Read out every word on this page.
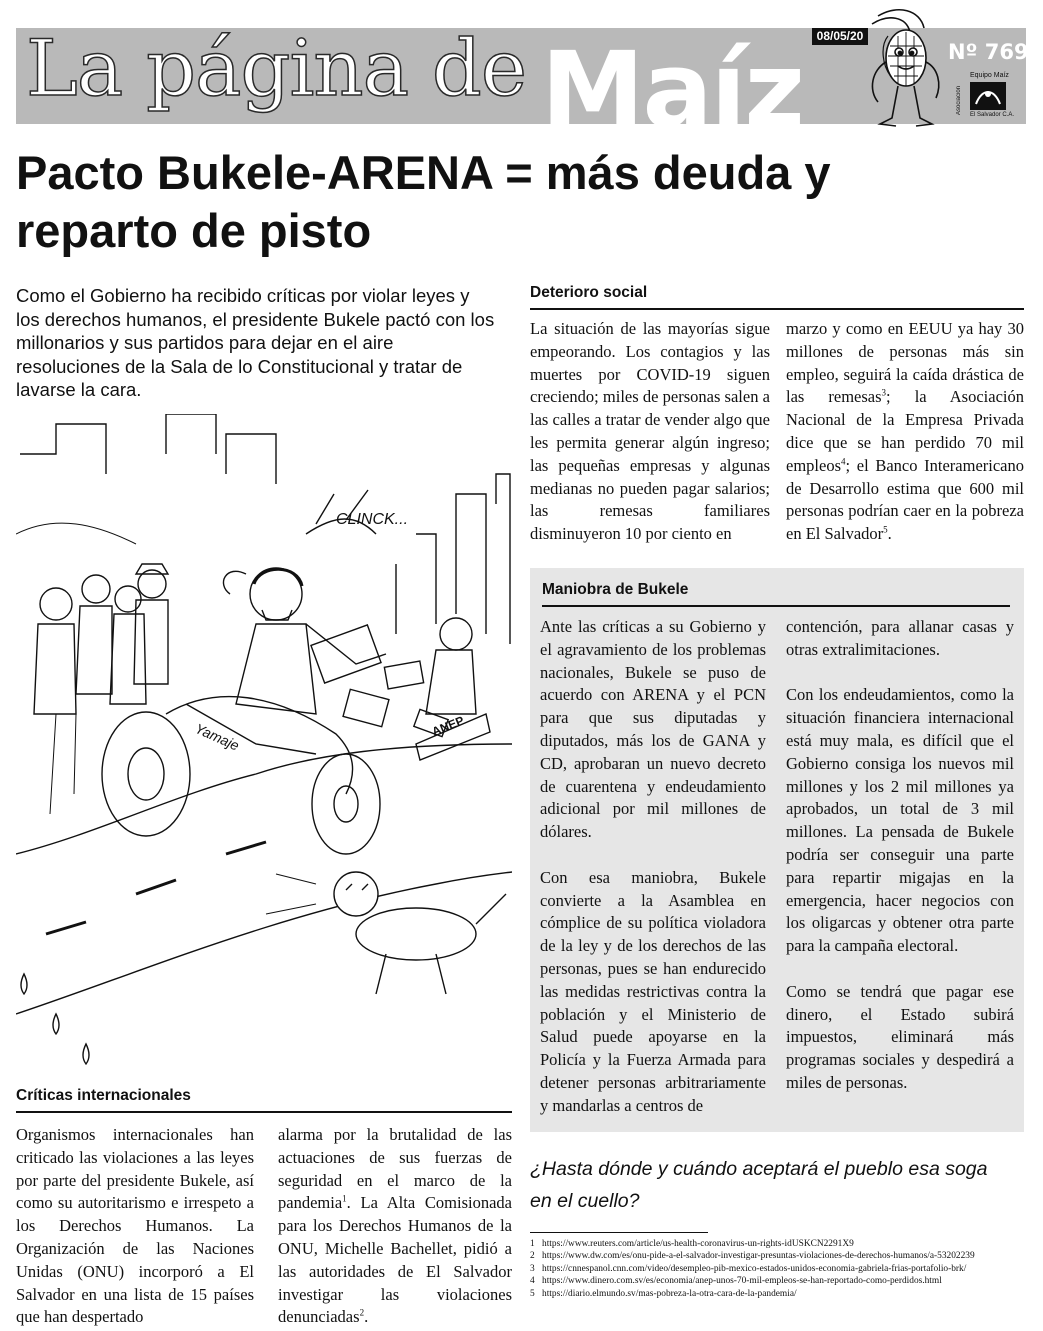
La página de Maíz	08/05/20
Nº 769
Asociación
Equipo Maíz
El Salvador C.A.
Pacto Bukele-ARENA = más deuda y reparto de pisto

Como el Gobierno ha recibido críticas por violar leyes y los derechos humanos, el presidente Bukele pactó con los millonarios y sus partidos para dejar en el aire resoluciones de la Sala de lo Constitucional y tratar de lavarse la cara.

CLINCK...
Yamaje	ANEP
Críticas internacionales

Organismos internacionales han criticado las violaciones a las leyes por parte del presidente Bukele, así como su autoritarismo e irrespeto a los Derechos Humanos. La Organización de las Naciones Unidas (ONU) incorporó a El Salvador en una lista de 15 países que han despertado

alarma por la brutalidad de las actuaciones de sus fuerzas de seguridad en el marco de la pandemia$^1$. La Alta Comisionada para los Derechos Humanos de la ONU, Michelle Bachellet, pidió a las autoridades de El Salvador investigar las violaciones denunciadas$^2$.

Deterioro social

La situación de las mayorías sigue empeorando. Los contagios y las muertes por COVID-19 siguen creciendo; miles de personas salen a las calles a tratar de vender algo que les permita generar algún ingreso; las pequeñas empresas y algunas medianas no pueden pagar salarios; las remesas familiares disminuyeron 10 por ciento en

marzo y como en EEUU ya hay 30 millones de personas más sin empleo, seguirá la caída drástica de las remesas$^3$; la Asociación Nacional de la Empresa Privada dice que se han perdido 70 mil empleos$^4$; el Banco Interamericano de Desarrollo estima que 600 mil personas podrían caer en la pobreza en El Salvador$^5$.

Maniobra de Bukele

Ante las críticas a su Gobierno y el agravamiento de los problemas nacionales, Bukele se puso de acuerdo con ARENA y el PCN para que sus diputadas y diputados, más los de GANA y CD, aprobaran un nuevo decreto de cuarentena y endeudamiento adicional por mil millones de dólares.

Con esa maniobra, Bukele convierte a la Asamblea en cómplice de su política violadora de la ley y de los derechos de las personas, pues se han endurecido las medidas restrictivas contra la población y el Ministerio de Salud puede apoyarse en la Policía y la Fuerza Armada para detener personas arbitrariamente y mandarlas a centros de

contención, para allanar casas y otras extralimitaciones.

Con los endeudamientos, como la situación financiera internacional está muy mala, es difícil que el Gobierno consiga los nuevos mil millones y los 2 mil millones ya aprobados, un total de 3 mil millones. La pensada de Bukele podría ser conseguir una parte para repartir migajas en la emergencia, hacer negocios con los oligarcas y obtener otra parte para la campaña electoral.

Como se tendrá que pagar ese dinero, el Estado subirá impuestos, eliminará más programas sociales y despedirá a miles de personas.

¿Hasta dónde y cuándo aceptará el pueblo esa soga en el cuello?

1 https://www.reuters.com/article/us-health-coronavirus-un-rights-idUSKCN2291X9
2 https://www.dw.com/es/onu-pide-a-el-salvador-investigar-presuntas-violaciones-de-derechos-humanos/a-53202239
3 https://cnnespanol.cnn.com/video/desempleo-pib-mexico-estados-unidos-economia-gabriela-frias-portafolio-brk/
4 https://www.dinero.com.sv/es/economia/anep-unos-70-mil-empleos-se-han-reportado-como-perdidos.html
5 https://diario.elmundo.sv/mas-pobreza-la-otra-cara-de-la-pandemia/
